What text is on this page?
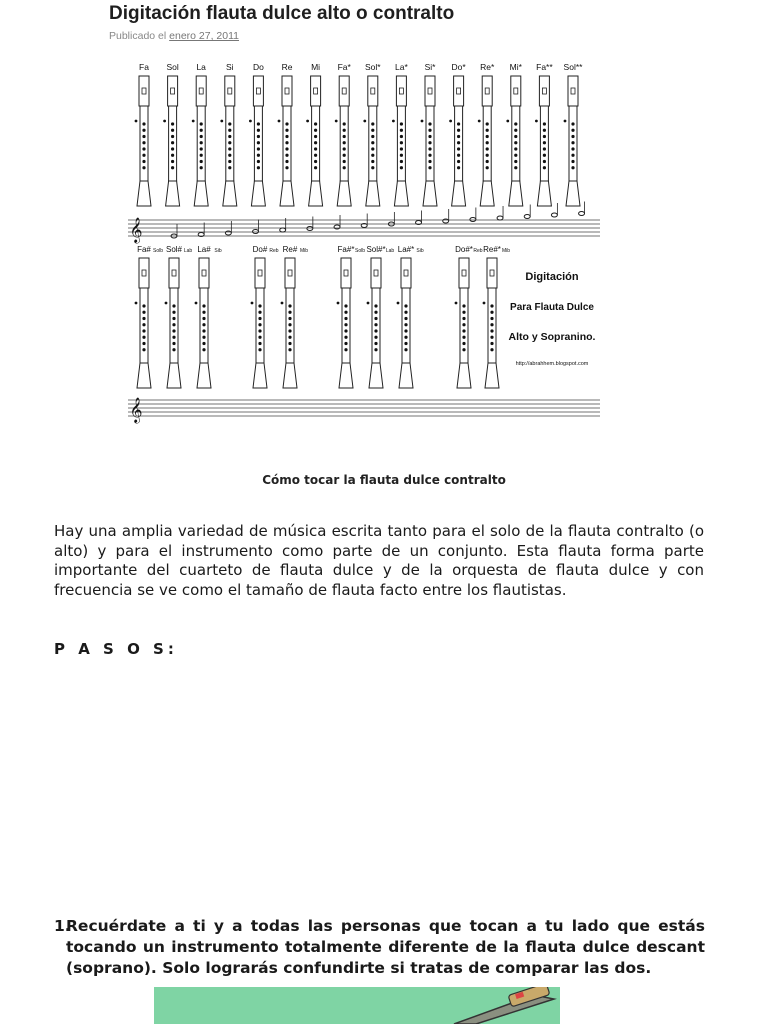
Digitación flauta dulce alto o contralto
Publicado el enero 27, 2011
Fa Sol La Si Do Re Mi Fa* Sol* La* Si* Do* Re* Mi* Fa** Sol**
𝄞
Fa# Solb Sol# Lab La# Sib	Do# Reb Re# Mib	Fa#* Solb Sol#* Lab La#* Sib	Do#* Reb Re#* Mib
𝄞
Digitación
Para Flauta Dulce
Alto y Sopranino.
http://abrahhem.blogspot.com
Cómo tocar la flauta dulce contralto
Hay una amplia variedad de música escrita tanto para el solo de la flauta contralto (o alto) y para el instrumento como parte de un conjunto. Esta flauta forma parte importante del cuarteto de flauta dulce y de la orquesta de flauta dulce y con frecuencia se ve como el tamaño de flauta facto entre los flautistas.
P A S O S:
1.
Recuérdate a ti y a todas las personas que tocan a tu lado que estás tocando un instrumento totalmente diferente de la flauta dulce descant (soprano). Solo lograrás confundirte si tratas de comparar las dos.
